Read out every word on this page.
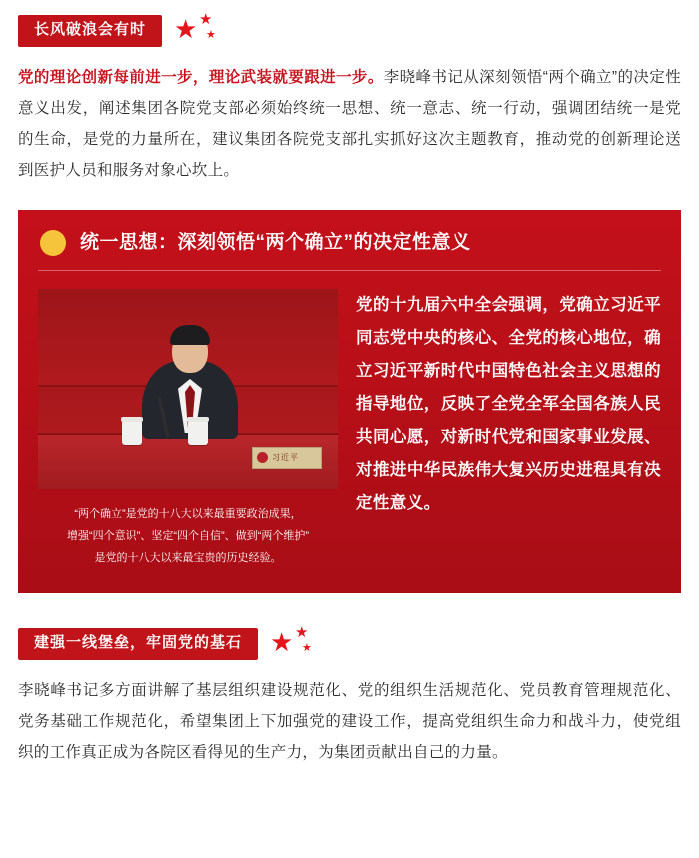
长风破浪会有时	★ ★
★
党的理论创新每前进一步，理论武装就要跟进一步。李晓峰书记从深刻领悟“两个确立”的决定性意义出发，阐述集团各院党支部必须始终统一思想、统一意志、统一行动，强调团结统一是党的生命，是党的力量所在，建议集团各院党支部扎实抓好这次主题教育，推动党的创新理论送到医护人员和服务对象心坎上。
统一思想：深刻领悟“两个确立”的决定性意义
习近平
“两个确立”是党的十八大以来最重要政治成果，
增强“四个意识”、坚定“四个自信”、做到“两个维护”
是党的十八大以来最宝贵的历史经验。
党的十九届六中全会强调，党确立习近平同志党中央的核心、全党的核心地位，确立习近平新时代中国特色社会主义思想的指导地位，反映了全党全军全国各族人民共同心愿，对新时代党和国家事业发展、对推进中华民族伟大复兴历史进程具有决定性意义。
建强一线堡垒，牢固党的基石	★ ★
★
李晓峰书记多方面讲解了基层组织建设规范化、党的组织生活规范化、党员教育管理规范化、党务基础工作规范化，希望集团上下加强党的建设工作，提高党组织生命力和战斗力，使党组织的工作真正成为各院区看得见的生产力，为集团贡献出自己的力量。
